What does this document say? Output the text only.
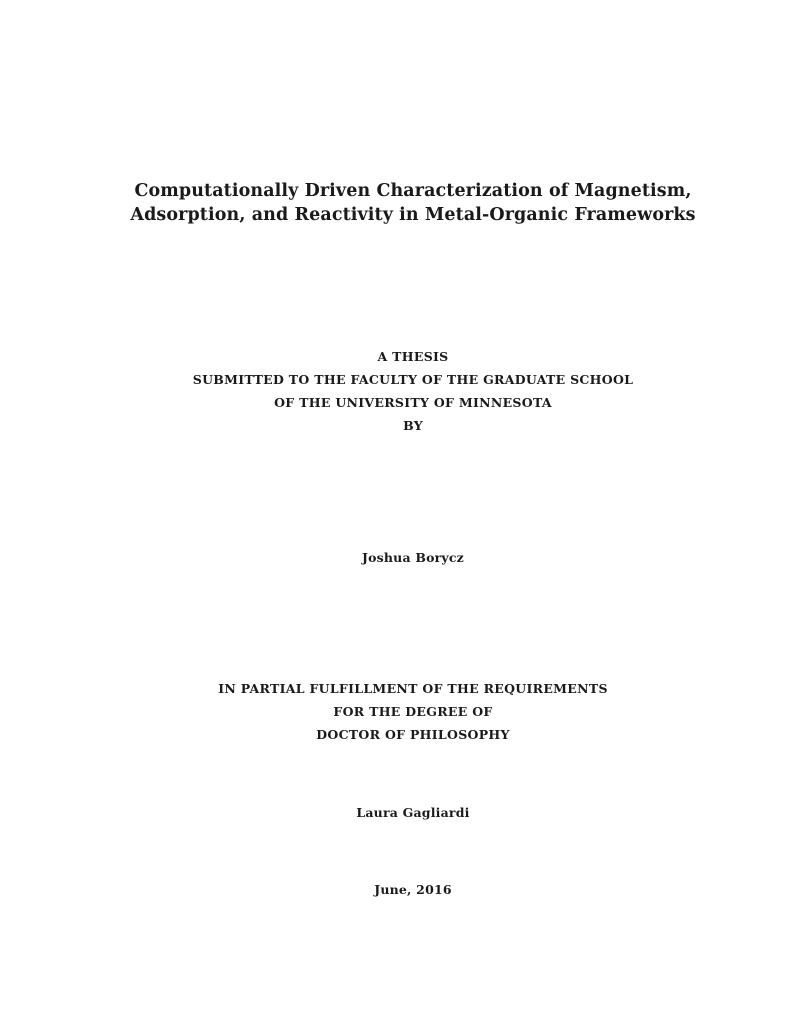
Computationally Driven Characterization of Magnetism,
Adsorption, and Reactivity in Metal-Organic Frameworks
A THESIS
SUBMITTED TO THE FACULTY OF THE GRADUATE SCHOOL
OF THE UNIVERSITY OF MINNESOTA
BY
Joshua Borycz
IN PARTIAL FULFILLMENT OF THE REQUIREMENTS
FOR THE DEGREE OF
DOCTOR OF PHILOSOPHY
Laura Gagliardi
June, 2016
